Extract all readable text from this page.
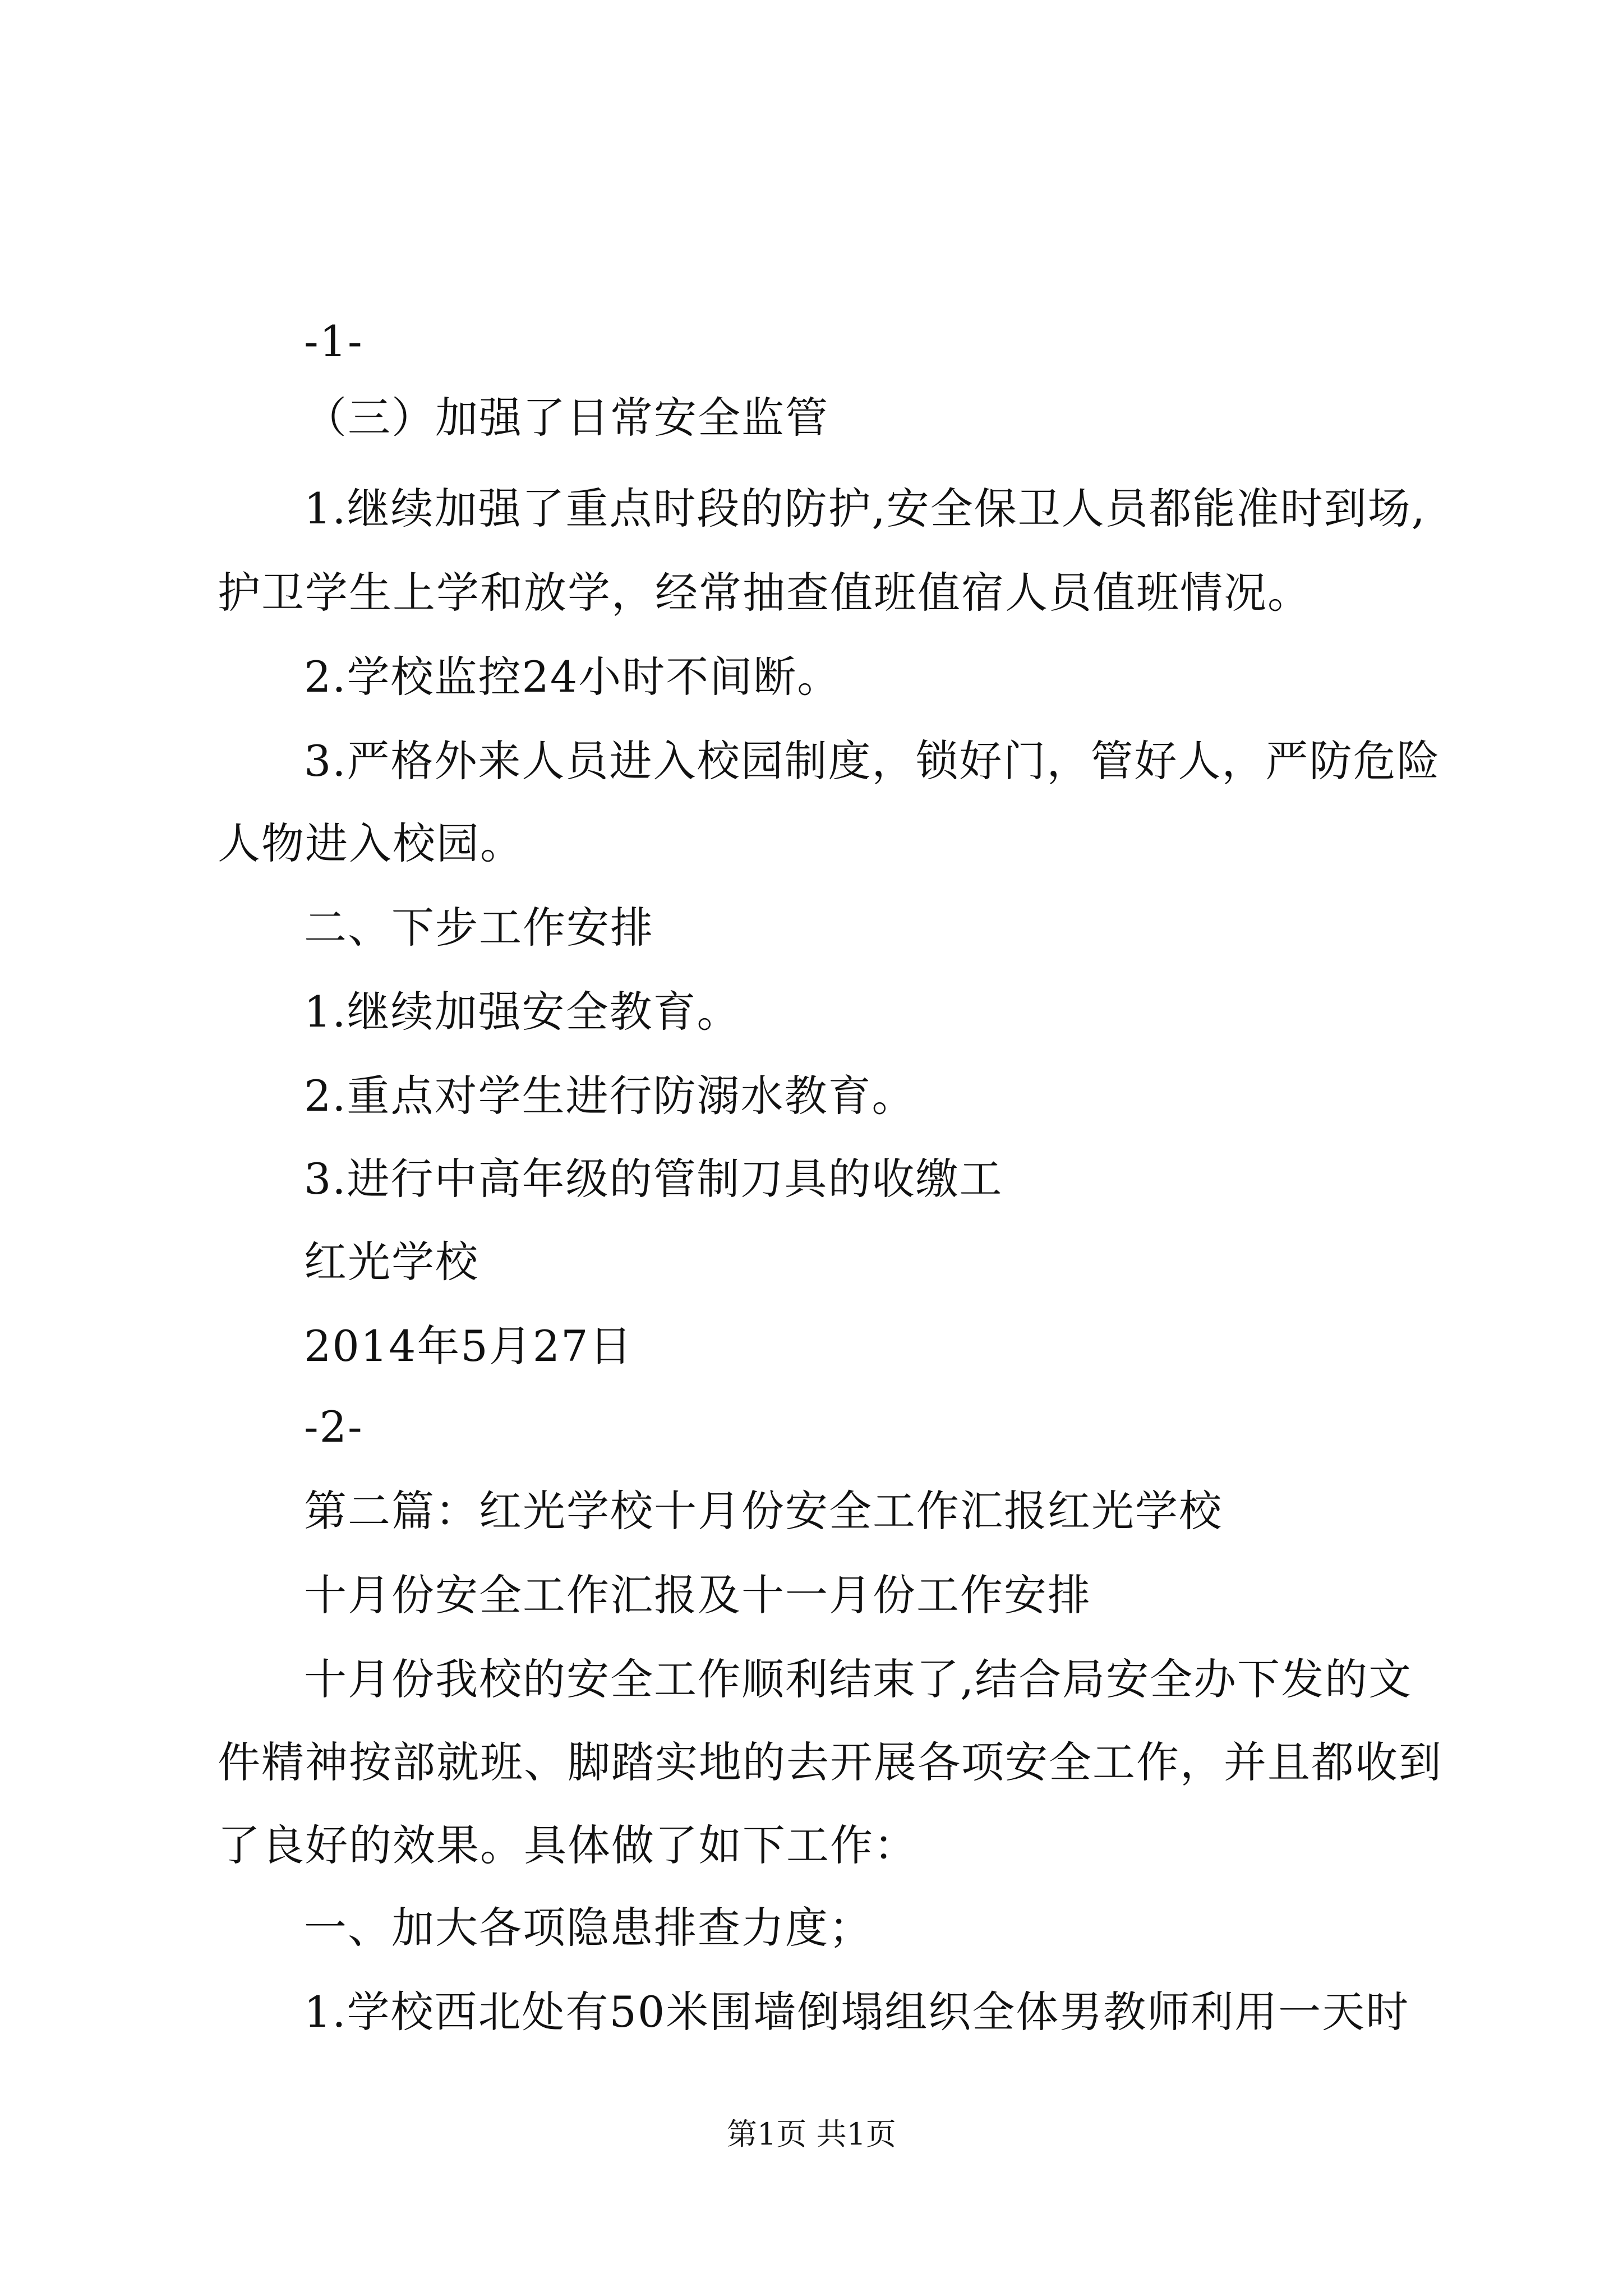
-1-
（三）加强了日常安全监管
1.继续加强了重点时段的防护,安全保卫人员都能准时到场,
护卫学生上学和放学，经常抽查值班值宿人员值班情况。
2.学校监控24小时不间断。
3.严格外来人员进入校园制度，锁好门，管好人，严防危险
人物进入校园。
二、下步工作安排
1.继续加强安全教育。
2.重点对学生进行防溺水教育。
3.进行中高年级的管制刀具的收缴工
红光学校
2014年5月27日
-2-
第二篇：红光学校十月份安全工作汇报红光学校
十月份安全工作汇报及十一月份工作安排
十月份我校的安全工作顺利结束了,结合局安全办下发的文
件精神按部就班、脚踏实地的去开展各项安全工作，并且都收到
了良好的效果。具体做了如下工作：
一、加大各项隐患排查力度；
1.学校西北处有50米围墙倒塌组织全体男教师利用一天时
第1页 共1页
